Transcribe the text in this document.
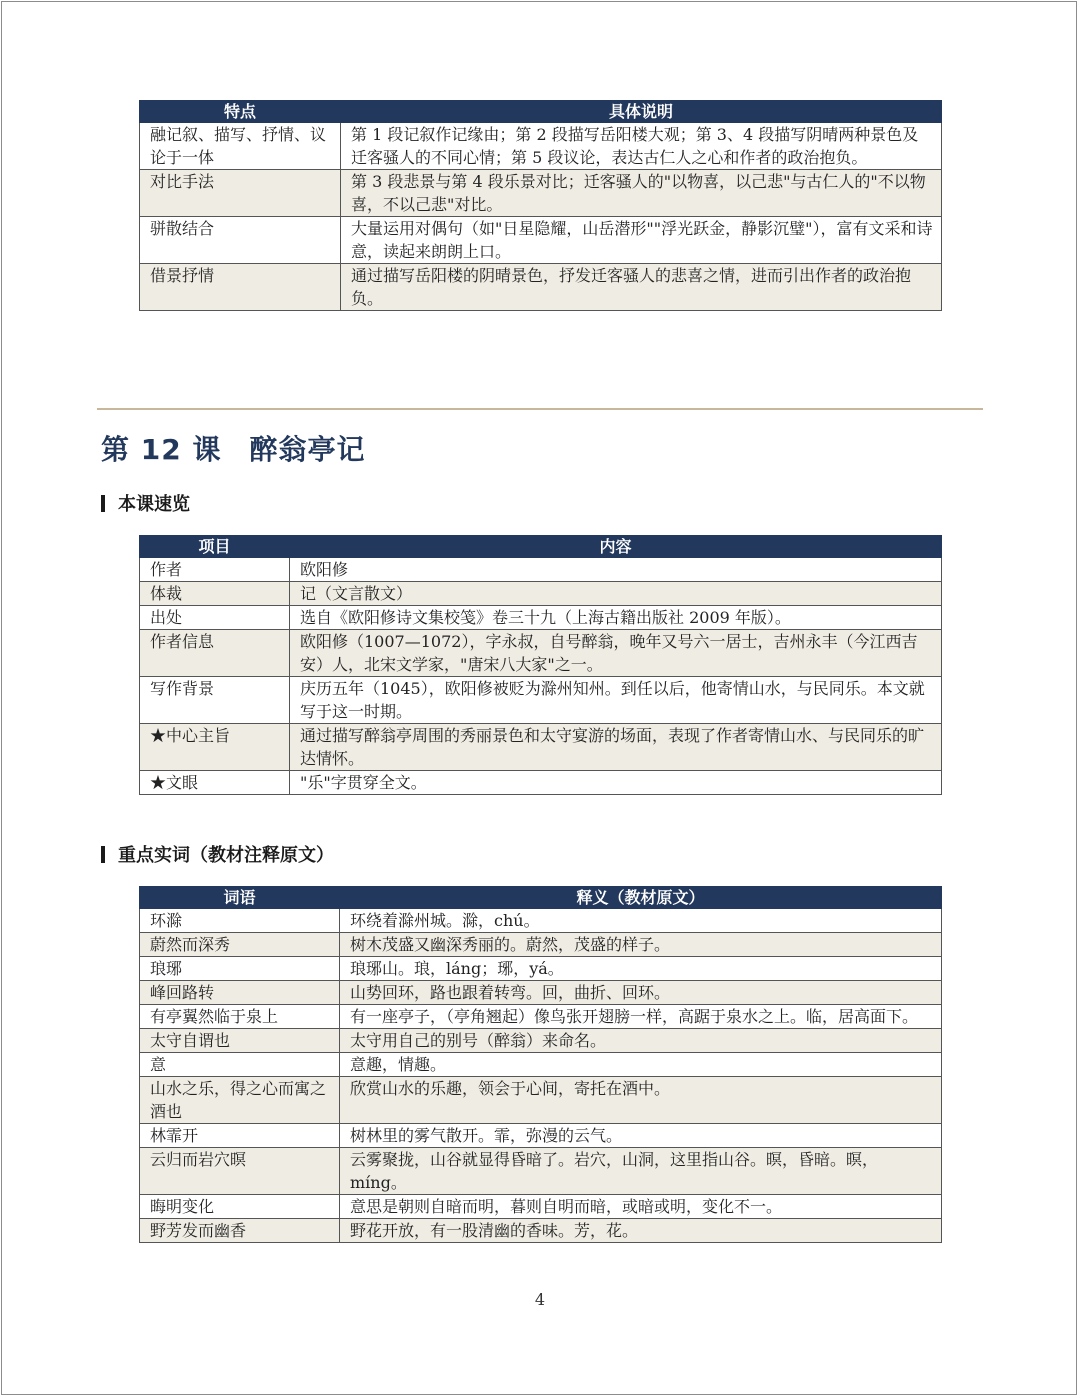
特点	具体说明
融记叙、描写、抒情、议论于一体	第 1 段记叙作记缘由；第 2 段描写岳阳楼大观；第 3、4 段描写阴晴两种景色及迁客骚人的不同心情；第 5 段议论，表达古仁人之心和作者的政治抱负。
对比手法	第 3 段悲景与第 4 段乐景对比；迁客骚人的"以物喜，以己悲"与古仁人的"不以物喜，不以己悲"对比。
骈散结合	大量运用对偶句（如"日星隐耀，山岳潜形""浮光跃金，静影沉璧"），富有文采和诗意，读起来朗朗上口。
借景抒情	通过描写岳阳楼的阴晴景色，抒发迁客骚人的悲喜之情，进而引出作者的政治抱负。
第 12 课 醉翁亭记
本课速览
项目	内容
作者	欧阳修
体裁	记（文言散文）
出处	选自《欧阳修诗文集校笺》卷三十九（上海古籍出版社 2009 年版）。
作者信息	欧阳修（1007—1072），字永叔，自号醉翁，晚年又号六一居士，吉州永丰（今江西吉安）人，北宋文学家，"唐宋八大家"之一。
写作背景	庆历五年（1045），欧阳修被贬为滁州知州。到任以后，他寄情山水，与民同乐。本文就写于这一时期。
★中心主旨	通过描写醉翁亭周围的秀丽景色和太守宴游的场面，表现了作者寄情山水、与民同乐的旷达情怀。
★文眼	"乐"字贯穿全文。
重点实词（教材注释原文）
词语	释义（教材原文）
环滁	环绕着滁州城。滁，chú。
蔚然而深秀	树木茂盛又幽深秀丽的。蔚然，茂盛的样子。
琅琊	琅琊山。琅，láng；琊，yá。
峰回路转	山势回环，路也跟着转弯。回，曲折、回环。
有亭翼然临于泉上	有一座亭子，（亭角翘起）像鸟张开翅膀一样，高踞于泉水之上。临，居高面下。
太守自谓也	太守用自己的别号（醉翁）来命名。
意	意趣，情趣。
山水之乐，得之心而寓之酒也	欣赏山水的乐趣，领会于心间，寄托在酒中。
林霏开	树林里的雾气散开。霏，弥漫的云气。
云归而岩穴暝	云雾聚拢，山谷就显得昏暗了。岩穴，山洞，这里指山谷。暝，昏暗。暝，míng。
晦明变化	意思是朝则自暗而明，暮则自明而暗，或暗或明，变化不一。
野芳发而幽香	野花开放，有一股清幽的香味。芳，花。
4
